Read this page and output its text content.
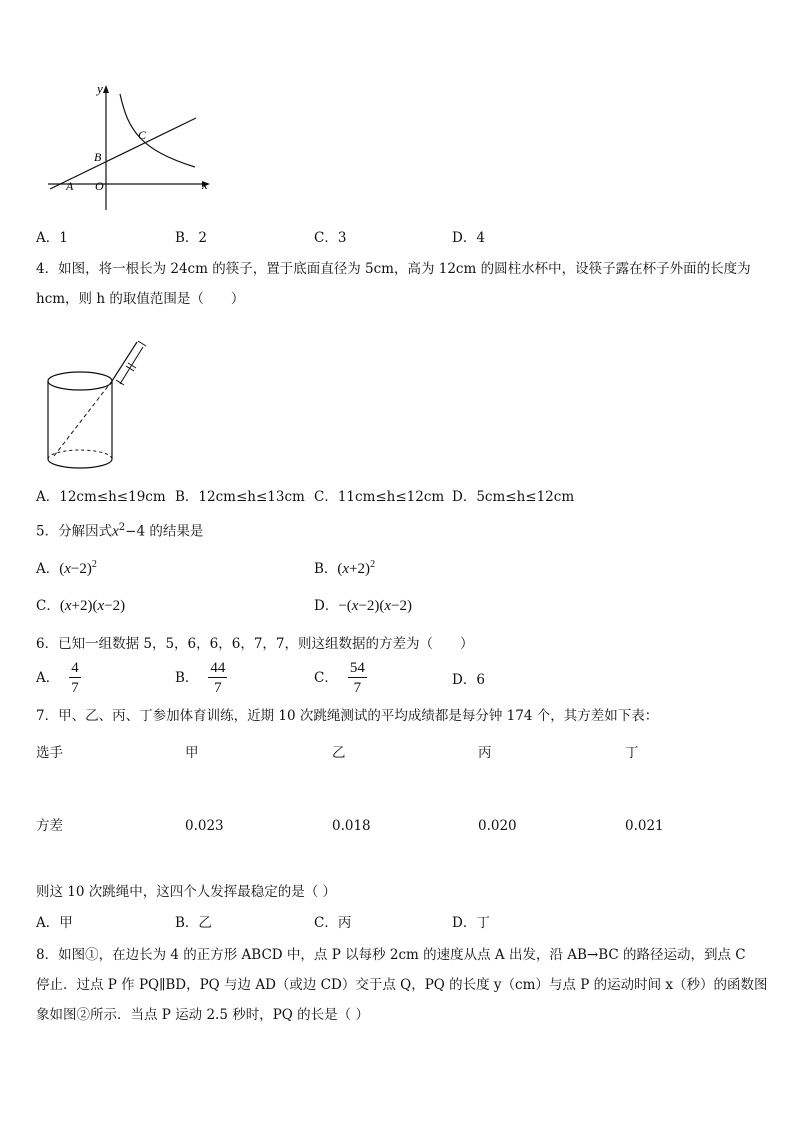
y
x
O
A
B
C
A．1	B．2	C．3	D．4
4．如图，将一根长为 24cm 的筷子，置于底面直径为 5cm，高为 12cm 的圆柱水杯中，设筷子露在杯子外面的长度为
hcm，则 h 的取值范围是（　　）
A．12cm≤h≤19cm B．12cm≤h≤13cm C．11cm≤h≤12cm D．5cm≤h≤12cm
5．分解因式$x^2-4$ 的结果是
A．$(x-2)^2$	B．$(x+2)^2$
C．(x+2)(x−2)	D．−(x−2)(x−2)
6．已知一组数据 5，5，6，6，6，7，7，则这组数据的方差为（　　）
A． $\frac{4}{7}$	B． $\frac{44}{7}$	C． $\frac{54}{7}$	D．6
7．甲、乙、丙、丁参加体育训练，近期 10 次跳绳测试的平均成绩都是每分钟 174 个，其方差如下表：
选手	甲	乙	丙	丁
方差	0.023	0.018	0.020	0.021
则这 10 次跳绳中，这四个人发挥最稳定的是（ ）
A．甲	B．乙	C．丙	D．丁
8．如图①，在边长为 4 的正方形 ABCD 中，点 P 以每秒 2cm 的速度从点 A 出发，沿 AB→BC 的路径运动，到点 C
停止．过点 P 作 PQ∥BD，PQ 与边 AD（或边 CD）交于点 Q，PQ 的长度 y（cm）与点 P 的运动时间 x（秒）的函数图
象如图②所示．当点 P 运动 2.5 秒时，PQ 的长是（ ）
